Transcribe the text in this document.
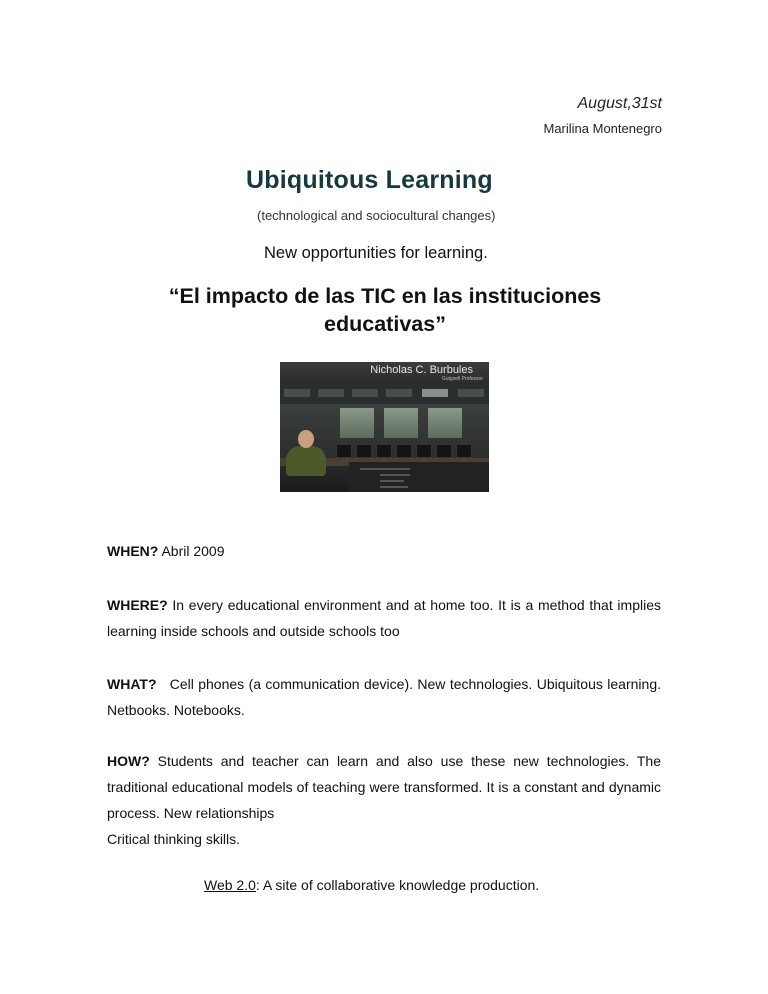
August,31st
Marilina Montenegro
Ubiquitous Learning
(technological and sociocultural changes)
New opportunities for learning.
“El impacto de las TIC en las instituciones educativas”
Nicholas C. Burbules
Gutgsell Professor
WHEN? Abril 2009
WHERE? In every educational environment and at home too. It is a method that implies learning inside schools and outside schools too
WHAT?   Cell phones (a communication device). New technologies. Ubiquitous learning.  Netbooks. Notebooks.
HOW? Students and teacher can learn and also use these new technologies. The traditional educational models of teaching were transformed. It is a constant and dynamic process. New relationships
Critical thinking skills.
Web 2.0: A site of collaborative knowledge production.
